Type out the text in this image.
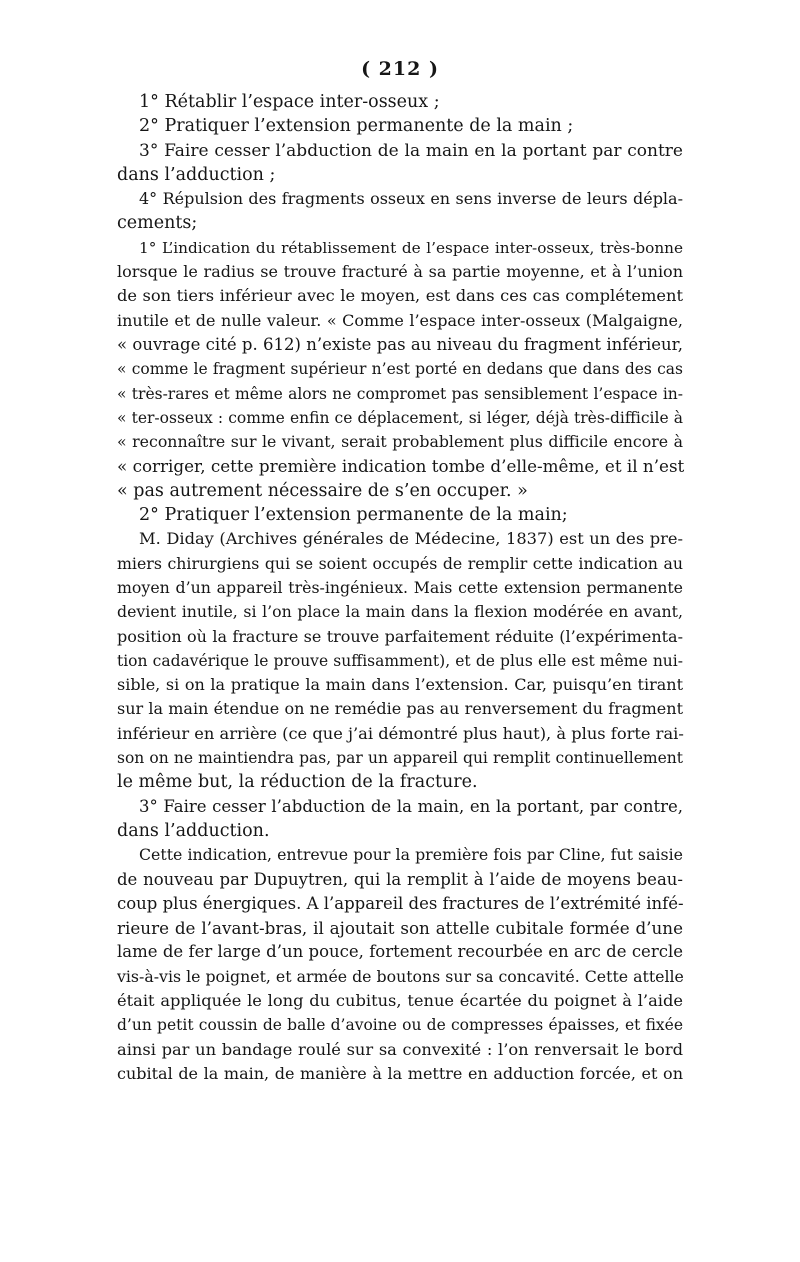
( 212 )
1° Rétablir l’espace inter-osseux ;
2° Pratiquer l’extension permanente de la main ;
3° Faire cesser l’abduction de la main en la portant par contre
dans l’adduction ;
4° Répulsion des fragments osseux en sens inverse de leurs dépla-
cements;
1° L’indication du rétablissement de l’espace inter-osseux, très-bonne
lorsque le radius se trouve fracturé à sa partie moyenne, et à l’union
de son tiers inférieur avec le moyen, est dans ces cas complétement
inutile et de nulle valeur. « Comme l’espace inter-osseux (Malgaigne,
« ouvrage cité p. 612) n’existe pas au niveau du fragment inférieur,
« comme le fragment supérieur n’est porté en dedans que dans des cas
« très-rares et même alors ne compromet pas sensiblement l’espace in-
« ter-osseux : comme enfin ce déplacement, si léger, déjà très-difficile à
« reconnaître sur le vivant, serait probablement plus difficile encore à
« corriger, cette première indication tombe d’elle-même, et il n’est
« pas autrement nécessaire de s’en occuper. »
2° Pratiquer l’extension permanente de la main;
M. Diday (Archives générales de Médecine, 1837) est un des pre-
miers chirurgiens qui se soient occupés de remplir cette indication au
moyen d’un appareil très-ingénieux. Mais cette extension permanente
devient inutile, si l’on place la main dans la flexion modérée en avant,
position où la fracture se trouve parfaitement réduite (l’expérimenta-
tion cadavérique le prouve suffisamment), et de plus elle est même nui-
sible, si on la pratique la main dans l’extension. Car, puisqu’en tirant
sur la main étendue on ne remédie pas au renversement du fragment
inférieur en arrière (ce que j’ai démontré plus haut), à plus forte rai-
son on ne maintiendra pas, par un appareil qui remplit continuellement
le même but, la réduction de la fracture.
3° Faire cesser l’abduction de la main, en la portant, par contre,
dans l’adduction.
Cette indication, entrevue pour la première fois par Cline, fut saisie
de nouveau par Dupuytren, qui la remplit à l’aide de moyens beau-
coup plus énergiques. A l’appareil des fractures de l’extrémité infé-
rieure de l’avant-bras, il ajoutait son attelle cubitale formée d’une
lame de fer large d’un pouce, fortement recourbée en arc de cercle
vis-à-vis le poignet, et armée de boutons sur sa concavité. Cette attelle
était appliquée le long du cubitus, tenue écartée du poignet à l’aide
d’un petit coussin de balle d’avoine ou de compresses épaisses, et fixée
ainsi par un bandage roulé sur sa convexité : l’on renversait le bord
cubital de la main, de manière à la mettre en adduction forcée, et on
